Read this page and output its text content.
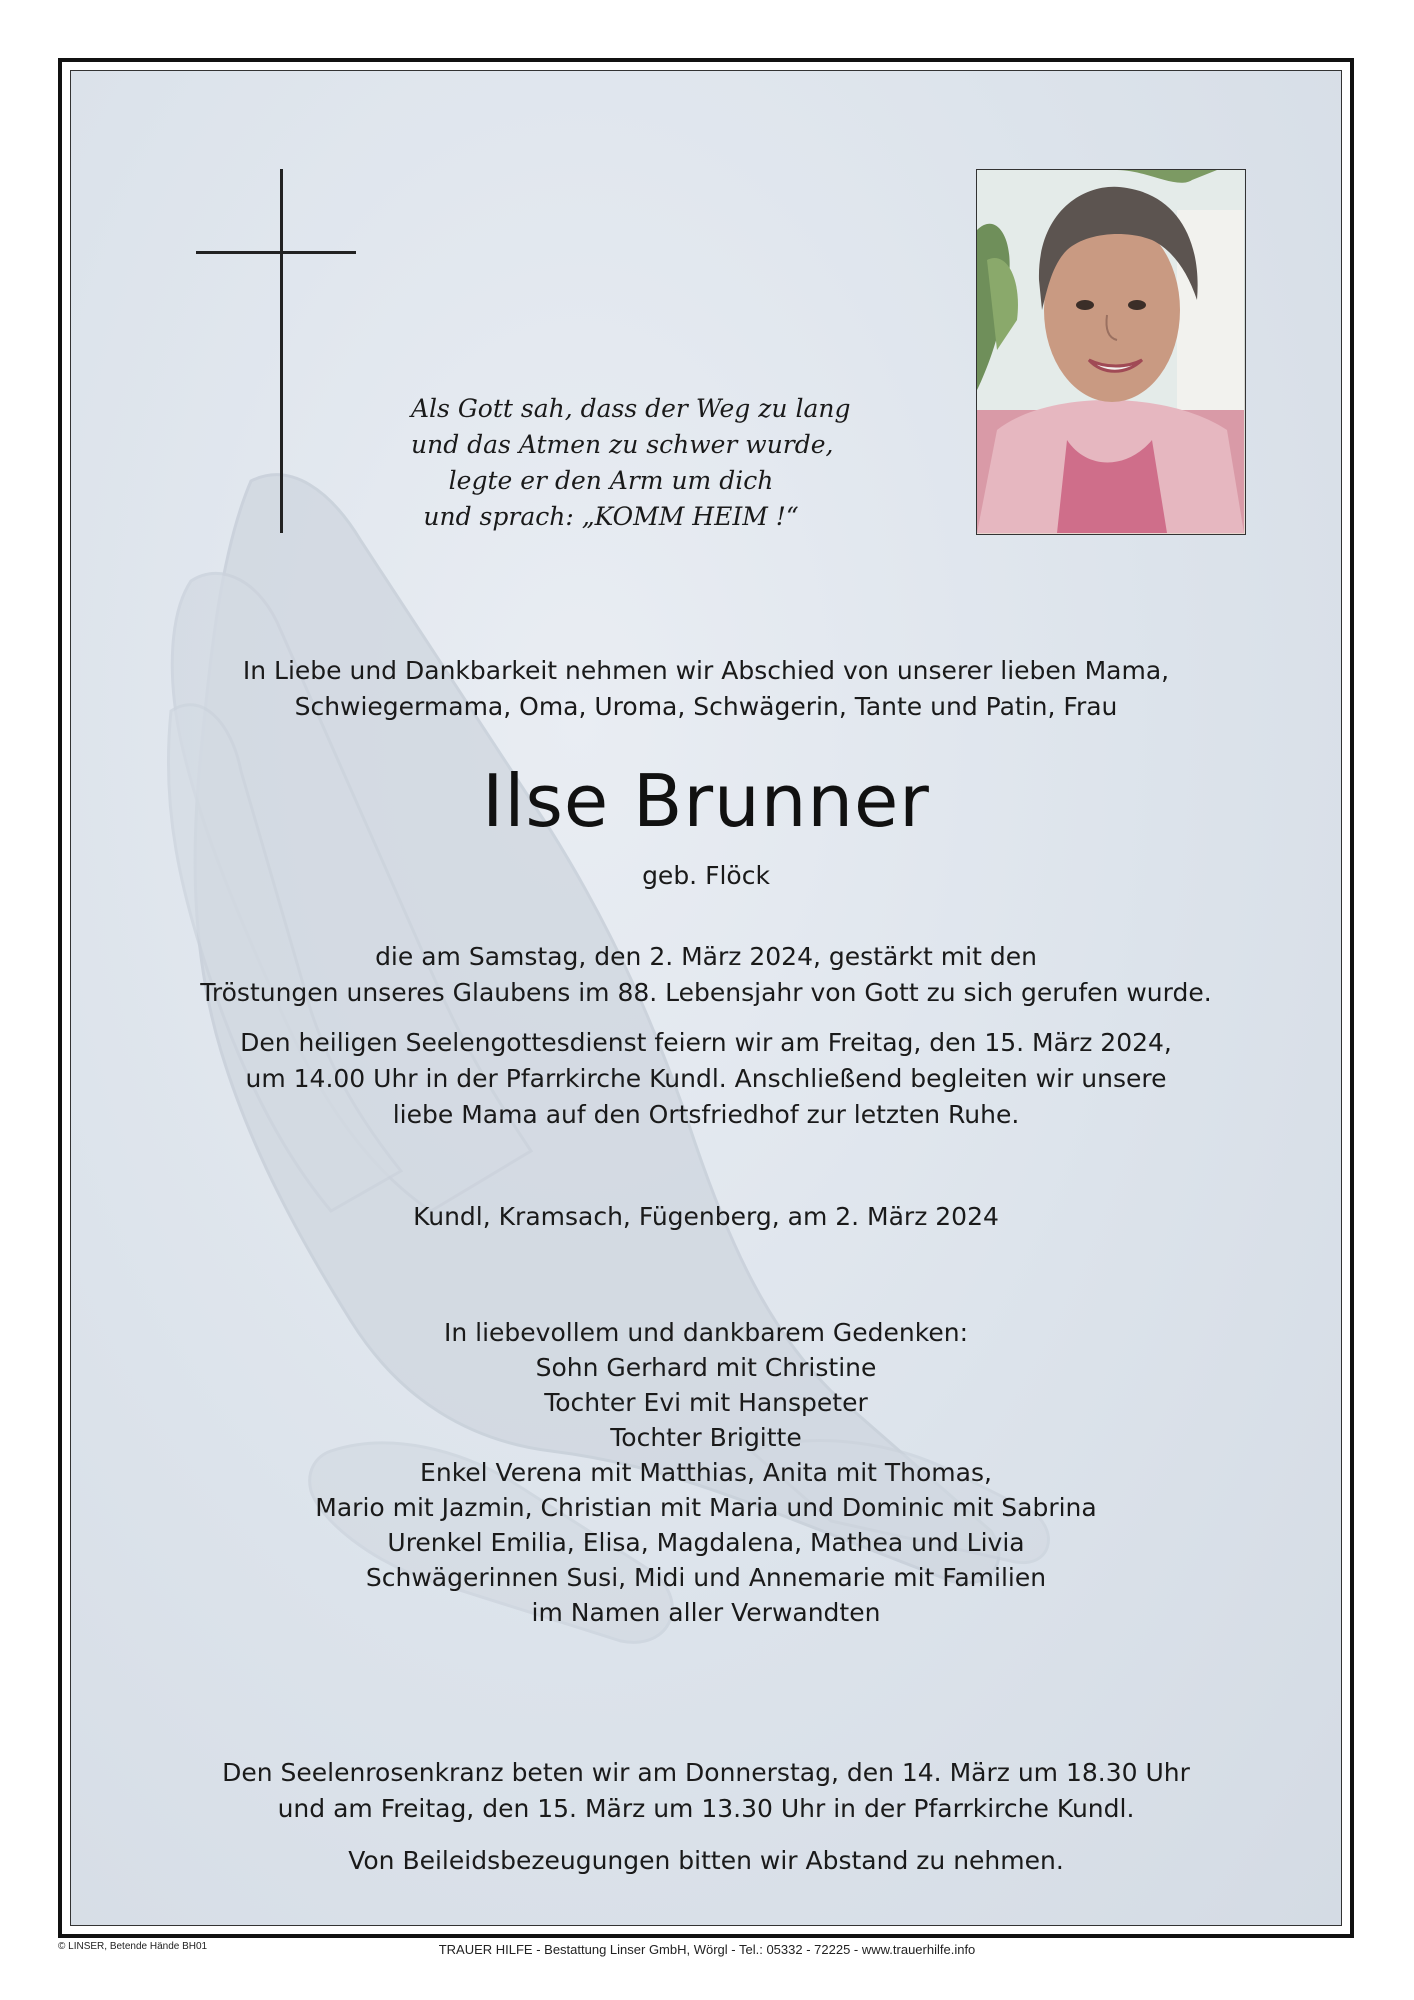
Als Gott sah, dass der Weg zu lang
und das Atmen zu schwer wurde,
legte er den Arm um dich
und sprach: „KOMM HEIM !“
In Liebe und Dankbarkeit nehmen wir Abschied von unserer lieben Mama,
Schwiegermama, Oma, Uroma, Schwägerin, Tante und Patin, Frau
Ilse Brunner
geb. Flöck
die am Samstag, den 2. März 2024, gestärkt mit den
Tröstungen unseres Glaubens im 88. Lebensjahr von Gott zu sich gerufen wurde.
Den heiligen Seelengottesdienst feiern wir am Freitag, den 15. März 2024,
um 14.00 Uhr in der Pfarrkirche Kundl. Anschließend begleiten wir unsere
liebe Mama auf den Ortsfriedhof zur letzten Ruhe.
Kundl, Kramsach, Fügenberg, am 2. März 2024
In liebevollem und dankbarem Gedenken:
Sohn Gerhard mit Christine
Tochter Evi mit Hanspeter
Tochter Brigitte
Enkel Verena mit Matthias, Anita mit Thomas,
Mario mit Jazmin, Christian mit Maria und Dominic mit Sabrina
Urenkel Emilia, Elisa, Magdalena, Mathea und Livia
Schwägerinnen Susi, Midi und Annemarie mit Familien
im Namen aller Verwandten
Den Seelenrosenkranz beten wir am Donnerstag, den 14. März um 18.30 Uhr
und am Freitag, den 15. März um 13.30 Uhr in der Pfarrkirche Kundl.
Von Beileidsbezeugungen bitten wir Abstand zu nehmen.
© LINSER, Betende Hände BH01	TRAUER HILFE - Bestattung Linser GmbH, Wörgl - Tel.: 05332 - 72225 - www.trauerhilfe.info
